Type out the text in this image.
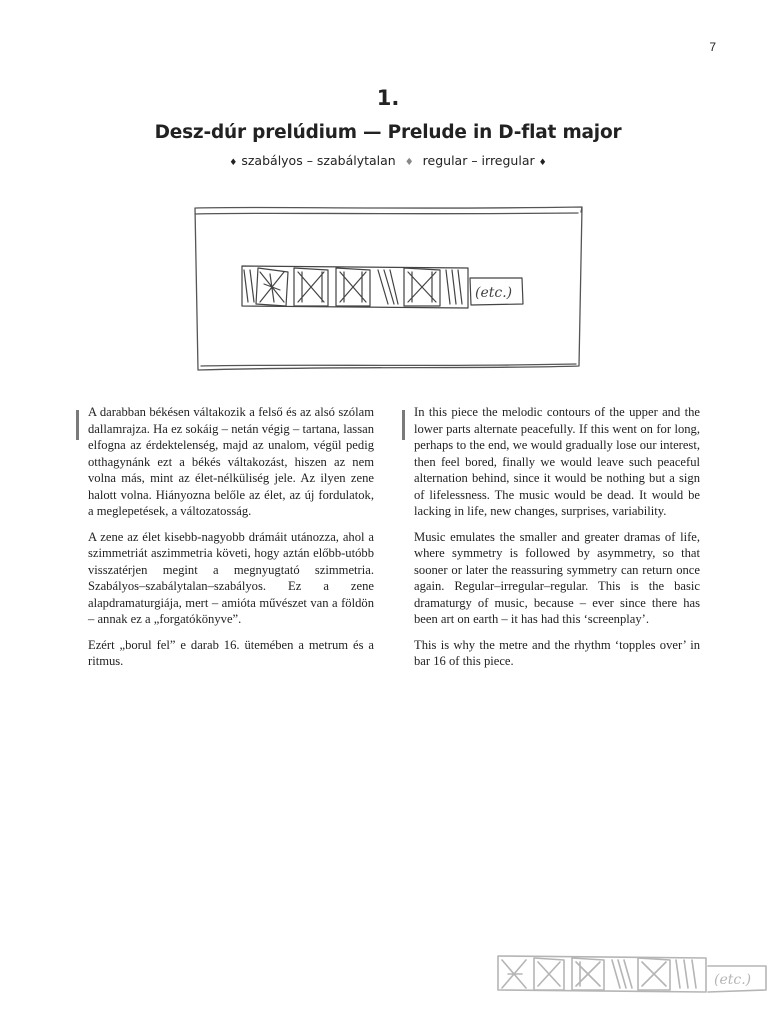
7
1.
Desz-dúr prelúdium — Prelude in D-flat major
♦ szabályos – szabálytalan ♦ regular – irregular ♦
(etc.)

A darabban békésen váltakozik a felső és az alsó szólam dallamrajza. Ha ez sokáig – netán végig – tartana, lassan elfogna az érdektelenség, majd az unalom, végül pedig otthagynánk ezt a békés váltakozást, hiszen az nem volna más, mint az élet-nélküliség jele. Az ilyen zene halott volna. Hiányozna belőle az élet, az új fordulatok, a meglepetések, a változatosság.

A zene az élet kisebb-nagyobb drámáit utánozza, ahol a szimmetriát aszimmetria követi, hogy aztán előbb-utóbb visszatérjen megint a megnyugtató szimmetria. Szabályos–szabálytalan–szabályos. Ez a zene alapdramaturgiája, mert – amióta művészet van a földön – annak ez a „forgatókönyve”.

Ezért „borul fel” e darab 16. ütemében a metrum és a ritmus.

In this piece the melodic contours of the upper and the lower parts alternate peacefully. If this went on for long, perhaps to the end, we would gradually lose our interest, then feel bored, finally we would leave such peaceful alternation behind, since it would be nothing but a sign of lifelessness. The music would be dead. It would be lacking in life, new changes, surprises, variability.

Music emulates the smaller and greater dramas of life, where symmetry is followed by asymmetry, so that sooner or later the reassuring symmetry can return once again. Regular–irregular–regular. This is the basic dramaturgy of music, because – ever since there has been art on earth – it has had this ‘screenplay’.

This is why the metre and the rhythm ‘topples over’ in bar 16 of this piece.

(etc.)
